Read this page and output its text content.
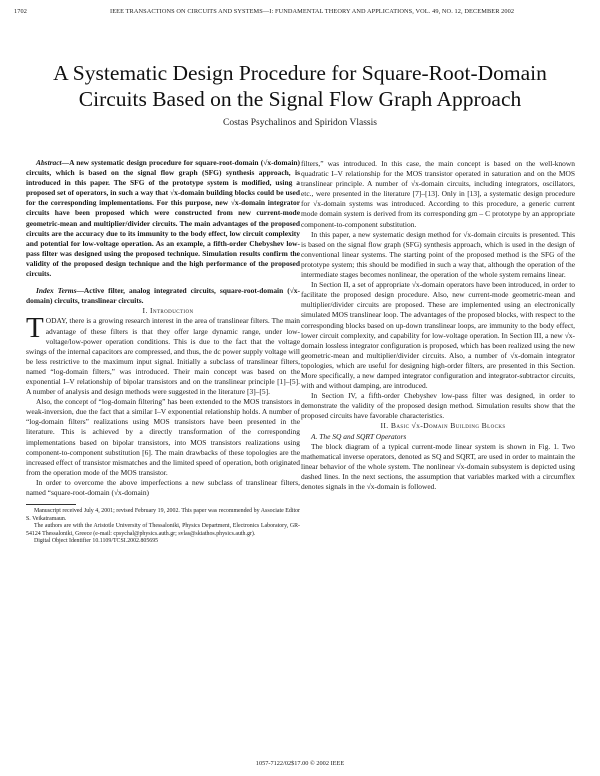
1702	IEEE TRANSACTIONS ON CIRCUITS AND SYSTEMS—I: FUNDAMENTAL THEORY AND APPLICATIONS, VOL. 49, NO. 12, DECEMBER 2002
A Systematic Design Procedure for Square-Root-Domain Circuits Based on the Signal Flow Graph Approach
Costas Psychalinos and Spiridon Vlassis

Abstract—A new systematic design procedure for square-root-domain (√x-domain) circuits, which is based on the signal flow graph (SFG) synthesis approach, is introduced in this paper. The SFG of the prototype system is modified, using a proposed set of operators, in such a way that √x-domain building blocks could be used for the corresponding implementations. For this purpose, new √x-domain integrator circuits have been proposed which were constructed from new current-mode geometric-mean and multiplier/divider circuits. The main advantages of the proposed circuits are the accuracy due to its immunity to the body effect, low circuit complexity and potential for low-voltage operation. As an example, a fifth-order Chebyshev low-pass filter was designed using the proposed technique. Simulation results confirm the validity of the proposed design technique and the high performance of the proposed circuits.

Index Terms—Active filter, analog integrated circuits, square-root-domain (√x-domain) circuits, translinear circuits.

I. Introduction

TODAY, there is a growing research interest in the area of translinear filters. The main advantage of these filters is that they offer large dynamic range, under low-voltage/low-power operation conditions. This is due to the fact that the voltage swings of the internal capacitors are compressed, and thus, the dc power supply voltage will be less restrictive to the maximum input signal. Initially a subclass of translinear filters, named “log-domain filters,” was introduced. Their main concept was based on the exponential I–V relationship of bipolar transistors and on the translinear principle [1]–[5]. A number of analysis and design methods were suggested in the literature [3]–[5].

Also, the concept of “log-domain filtering” has been extended to the MOS transistors in weak-inversion, due the fact that a similar I–V exponential relationship holds. A number of “log-domain filters” realizations using MOS transistors have been presented in the literature. This is achieved by a directly transformation of the corresponding implementations based on bipolar transistors, into MOS transistors realizations using component-to-component substitution [6]. The main drawbacks of these topologies are the increased effect of transistor mismatches and the limited speed of operation, both originated from the operation mode of the MOS transistor.

In order to overcome the above imperfections a new subclass of translinear filters, named “square-root-domain (√x-domain)

Manuscript received July 4, 2001; revised February 19, 2002. This paper was recommended by Associate Editor S. Veikatramaun.

The authors are with the Aristotle University of Thessaloniki, Physics Department, Electronics Laboratory, GR-54124 Thessaloniki, Greece (e-mail: cpsychal@physics.auth.gr; svlas@skiathos.physics.auth.gr).

Digital Object Identifier 10.1109/TCSI.2002.805695

filters,” was introduced. In this case, the main concept is based on the well-known quadratic I–V relationship for the MOS transistor operated in saturation and on the MOS translinear principle. A number of √x-domain circuits, including integrators, oscillators, etc., were presented in the literature [7]–[13]. Only in [13], a systematic design procedure for √x-domain systems was introduced. According to this procedure, a generic current mode domain system is derived from its corresponding gm – C prototype by an appropriate component-to-component substitution.

In this paper, a new systematic design method for √x-domain circuits is presented. This is based on the signal flow graph (SFG) synthesis approach, which is used in the design of conventional linear systems. The starting point of the proposed method is the SFG of the prototype system; this should be modified in such a way that, although the operation of the intermediate stages becomes nonlinear, the operation of the whole system remains linear.

In Section II, a set of appropriate √x-domain operators have been introduced, in order to facilitate the proposed design procedure. Also, new current-mode geometric-mean and multiplier/divider circuits are proposed. These are implemented using an electronically simulated MOS translinear loop. The advantages of the proposed blocks, with respect to the corresponding blocks based on up-down translinear loops, are immunity to the body effect, lower circuit complexity, and capability for low-voltage operation. In Section III, a new √x-domain lossless integrator configuration is proposed, which has been realized using the new geometric-mean and multiplier/divider circuits. Also, a number of √x-domain integrator topologies, which are useful for designing high-order filters, are presented in this Section. More specifically, a new damped integrator configuration and integrator-subtractor circuits, with and without damping, are introduced.

In Section IV, a fifth-order Chebyshev low-pass filter was designed, in order to demonstrate the validity of the proposed design method. Simulation results show that the proposed circuits have favorable characteristics.

II. Basic √x-Domain Building Blocks

A. The SQ and SQRT Operators

The block diagram of a typical current-mode linear system is shown in Fig. 1. Two mathematical inverse operators, denoted as SQ and SQRT, are used in order to maintain the linear behavior of the whole system. The nonlinear √x-domain subsystem is depicted using dashed lines. In the next sections, the assumption that variables marked with a circumflex denotes signals in the √x-domain is followed.

1057-7122/02$17.00 © 2002 IEEE
